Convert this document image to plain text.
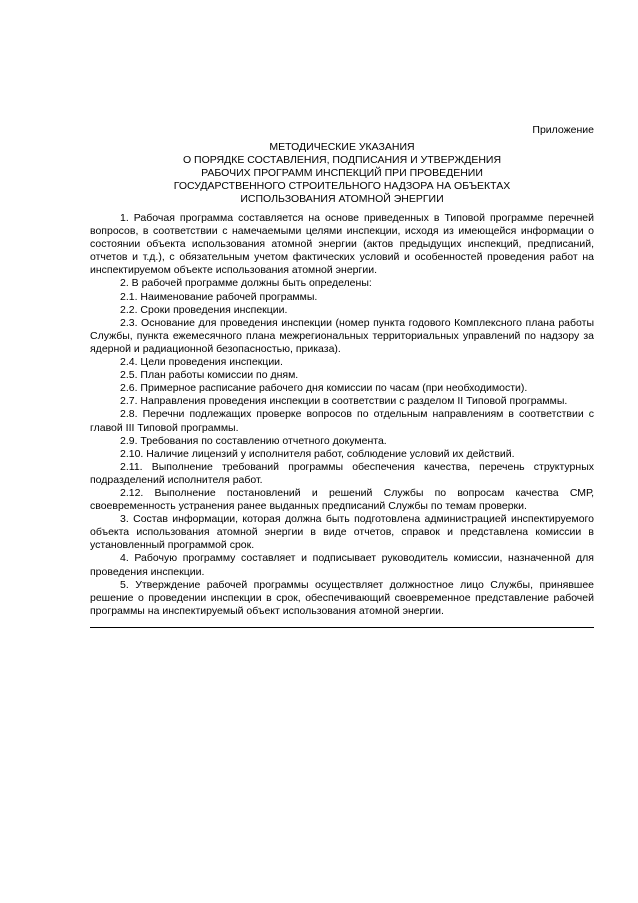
Приложение
МЕТОДИЧЕСКИЕ УКАЗАНИЯ
О ПОРЯДКЕ СОСТАВЛЕНИЯ, ПОДПИСАНИЯ И УТВЕРЖДЕНИЯ
РАБОЧИХ ПРОГРАММ ИНСПЕКЦИЙ ПРИ ПРОВЕДЕНИИ
ГОСУДАРСТВЕННОГО СТРОИТЕЛЬНОГО НАДЗОРА НА ОБЪЕКТАХ
ИСПОЛЬЗОВАНИЯ АТОМНОЙ ЭНЕРГИИ

1. Рабочая программа составляется на основе приведенных в Типовой программе перечней вопросов, в соответствии с намечаемыми целями инспекции, исходя из имеющейся информации о состоянии объекта использования атомной энергии (актов предыдущих инспекций, предписаний, отчетов и т.д.), с обязательным учетом фактических условий и особенностей проведения работ на инспектируемом объекте использования атомной энергии.

2. В рабочей программе должны быть определены:

2.1. Наименование рабочей программы.

2.2. Сроки проведения инспекции.

2.3. Основание для проведения инспекции (номер пункта годового Комплексного плана работы Службы, пункта ежемесячного плана межрегиональных территориальных управлений по надзору за ядерной и радиационной безопасностью, приказа).

2.4. Цели проведения инспекции.

2.5. План работы комиссии по дням.

2.6. Примерное расписание рабочего дня комиссии по часам (при необходимости).

2.7. Направления проведения инспекции в соответствии с разделом II Типовой программы.

2.8. Перечни подлежащих проверке вопросов по отдельным направлениям в соответствии с главой III Типовой программы.

2.9. Требования по составлению отчетного документа.

2.10. Наличие лицензий у исполнителя работ, соблюдение условий их действий.

2.11. Выполнение требований программы обеспечения качества, перечень структурных подразделений исполнителя работ.

2.12. Выполнение постановлений и решений Службы по вопросам качества СМР, своевременность устранения ранее выданных предписаний Службы по темам проверки.

3. Состав информации, которая должна быть подготовлена администрацией инспектируемого объекта использования атомной энергии в виде отчетов, справок и представлена комиссии в установленный программой срок.

4. Рабочую программу составляет и подписывает руководитель комиссии, назначенной для проведения инспекции.

5. Утверждение рабочей программы осуществляет должностное лицо Службы, принявшее решение о проведении инспекции в срок, обеспечивающий своевременное представление рабочей программы на инспектируемый объект использования атомной энергии.
